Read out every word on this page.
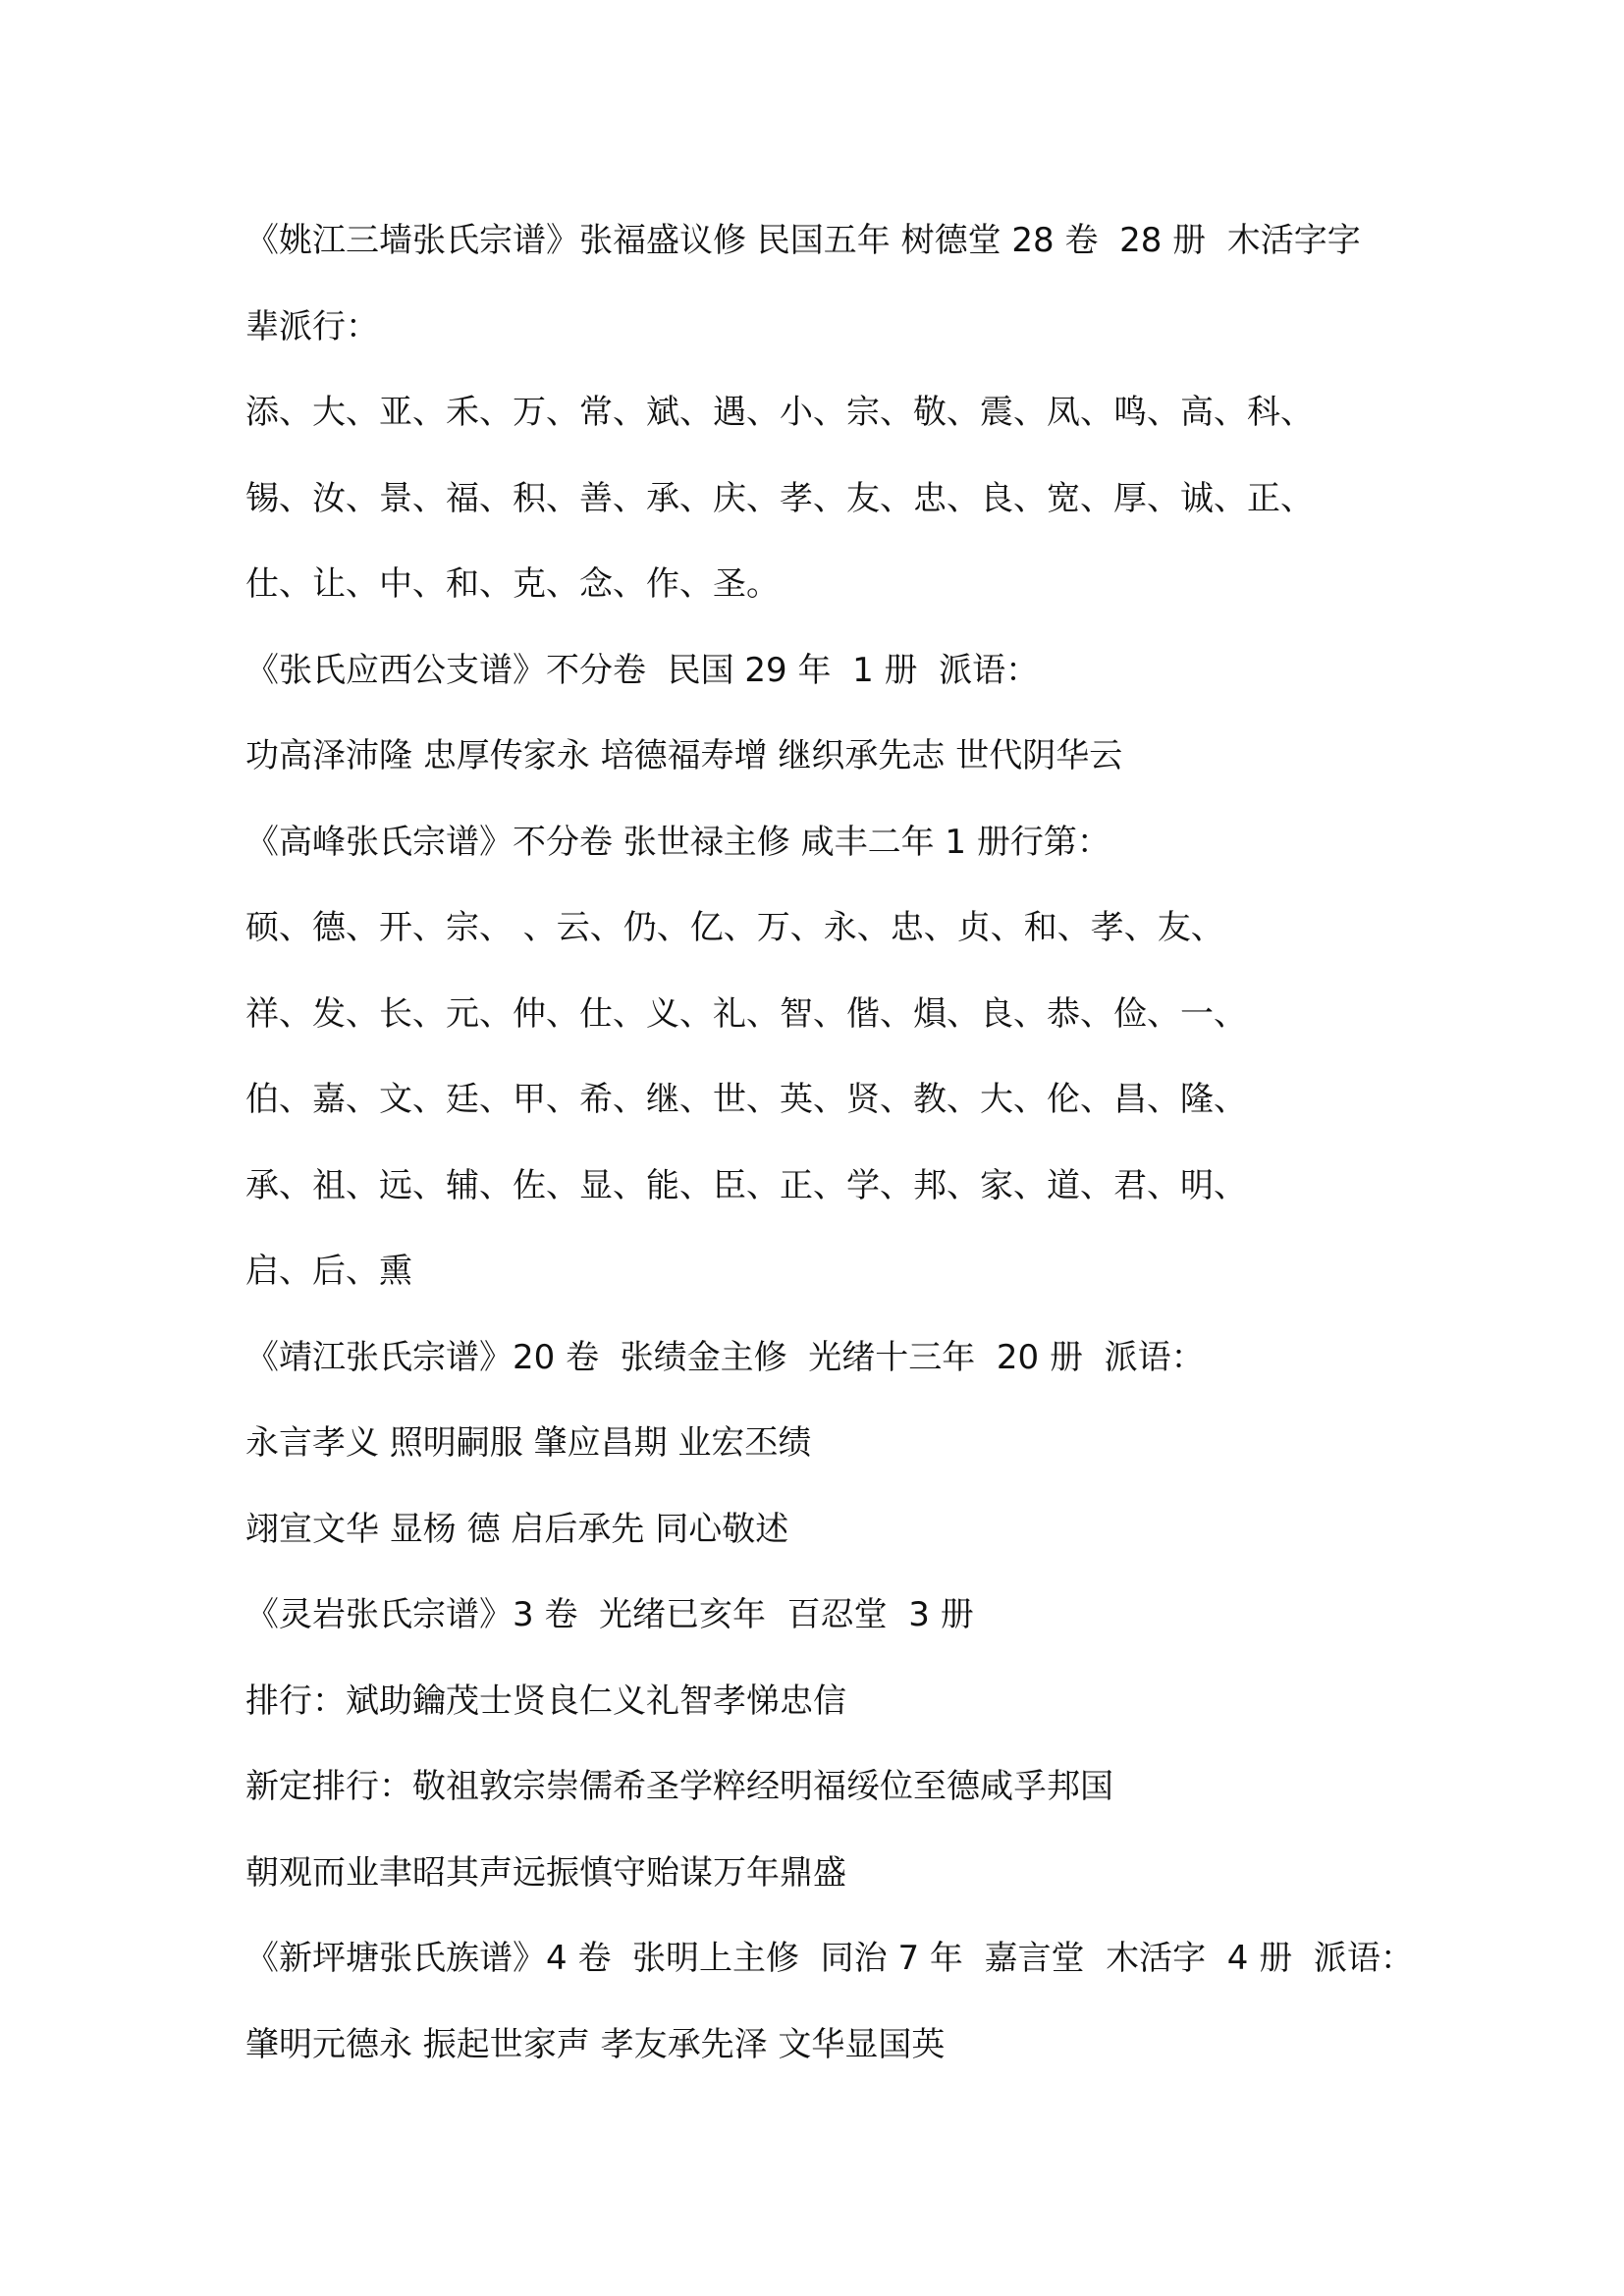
《姚江三墙张氏宗谱》张福盛议修 民国五年 树德堂 28 卷  28 册  木活字字
辈派行：
添、大、亚、禾、万、常、斌、遇、小、宗、敬、震、凤、鸣、高、科、
锡、汝、景、福、积、善、承、庆、孝、友、忠、良、宽、厚、诚、正、
仕、让、中、和、克、念、作、圣。
《张氏应西公支谱》不分卷  民国 29 年  1 册  派语：
功高泽沛隆 忠厚传家永 培德福寿增 继织承先志 世代阴华云
《高峰张氏宗谱》不分卷 张世禄主修 咸丰二年 1 册行第：
硕、德、开、宗、 、云、仍、亿、万、永、忠、贞、和、孝、友、
祥、发、长、元、仲、仕、义、礼、智、偕、熉、良、恭、俭、一、
伯、嘉、文、廷、甲、希、继、世、英、贤、教、大、伦、昌、隆、
承、祖、远、辅、佐、显、能、臣、正、学、邦、家、道、君、明、
启、后、熏
《靖江张氏宗谱》20 卷  张绩金主修  光绪十三年  20 册  派语：
永言孝义 照明嗣服 肇应昌期 业宏丕绩
翊宣文华 显杨 德 启后承先 同心敬述
《灵岩张氏宗谱》3 卷  光绪已亥年  百忍堂  3 册
排行：斌助鑰茂士贤良仁义礼智孝悌忠信
新定排行：敬祖敦宗崇儒希圣学粹经明福绥位至德咸孚邦国
朝观而业聿昭其声远振慎守贻谋万年鼎盛
《新坪塘张氏族谱》4 卷  张明上主修  同治 7 年  嘉言堂  木活字  4 册  派语：
肇明元德永 振起世家声 孝友承先泽 文华显国英
